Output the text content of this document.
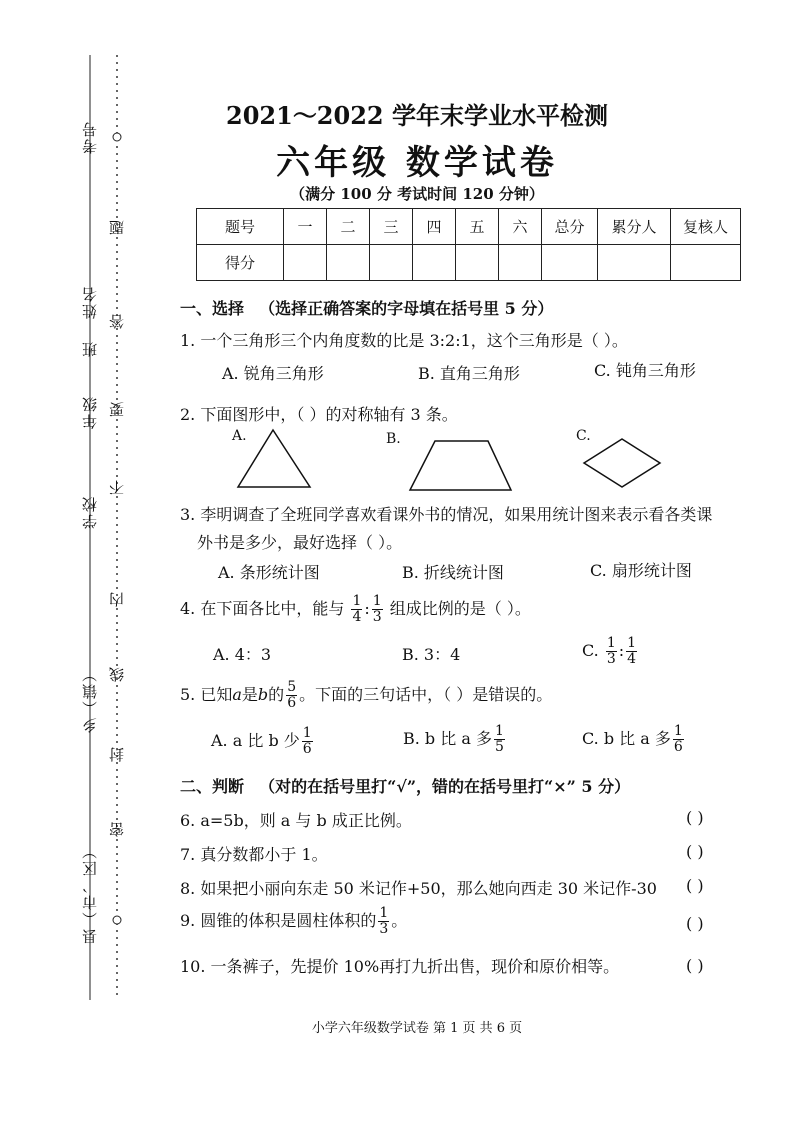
县（市、区）
乡（镇）
学校
年级
班
姓名
考号
密
封
线
内
不
要
答
题
2021～2022 学年末学业水平检测
六年级 数学试卷
（满分 100 分 考试时间 120 分钟）
题号	一	二	三	四	五	六	总分	累分人	复核人
得分									
一、选择 （选择正确答案的字母填在括号里 5 分）
1. 一个三角形三个内角度数的比是 3:2:1，这个三角形是（ ）。
A. 锐角三角形	B. 直角三角形	C. 钝角三角形
2. 下面图形中，（ ）的对称轴有 3 条。
A.	B.	C.
3. 李明调查了全班同学喜欢看课外书的情况，如果用统计图来表示看各类课
外书是多少，最好选择（ ）。
A. 条形统计图	B. 折线统计图	C. 扇形统计图
4. 在下面各比中，能与 $\frac{1}{4}$ : $\frac{1}{3}$ 组成比例的是（ ）。
A. 4：3	B. 3：4	C. $\frac{1}{3}$ : $\frac{1}{4}$
5. 已知a是b的 $\frac{5}{6}$ 。下面的三句话中，（ ）是错误的。
A. a 比 b 少 $\frac{1}{6}$	B. b 比 a 多 $\frac{1}{5}$	C. b 比 a 多 $\frac{1}{6}$
二、判断 （对的在括号里打“√”，错的在括号里打“×” 5 分）
6. a=5b，则 a 与 b 成正比例。	( )
7. 真分数都小于 1。	( )
8. 如果把小丽向东走 50 米记作+50，那么她向西走 30 米记作-30 ( )
9. 圆锥的体积是圆柱体积的 $\frac{1}{3}$ 。	( )
10. 一条裤子，先提价 10%再打九折出售，现价和原价相等。	( )
小学六年级数学试卷 第 1 页 共 6 页
